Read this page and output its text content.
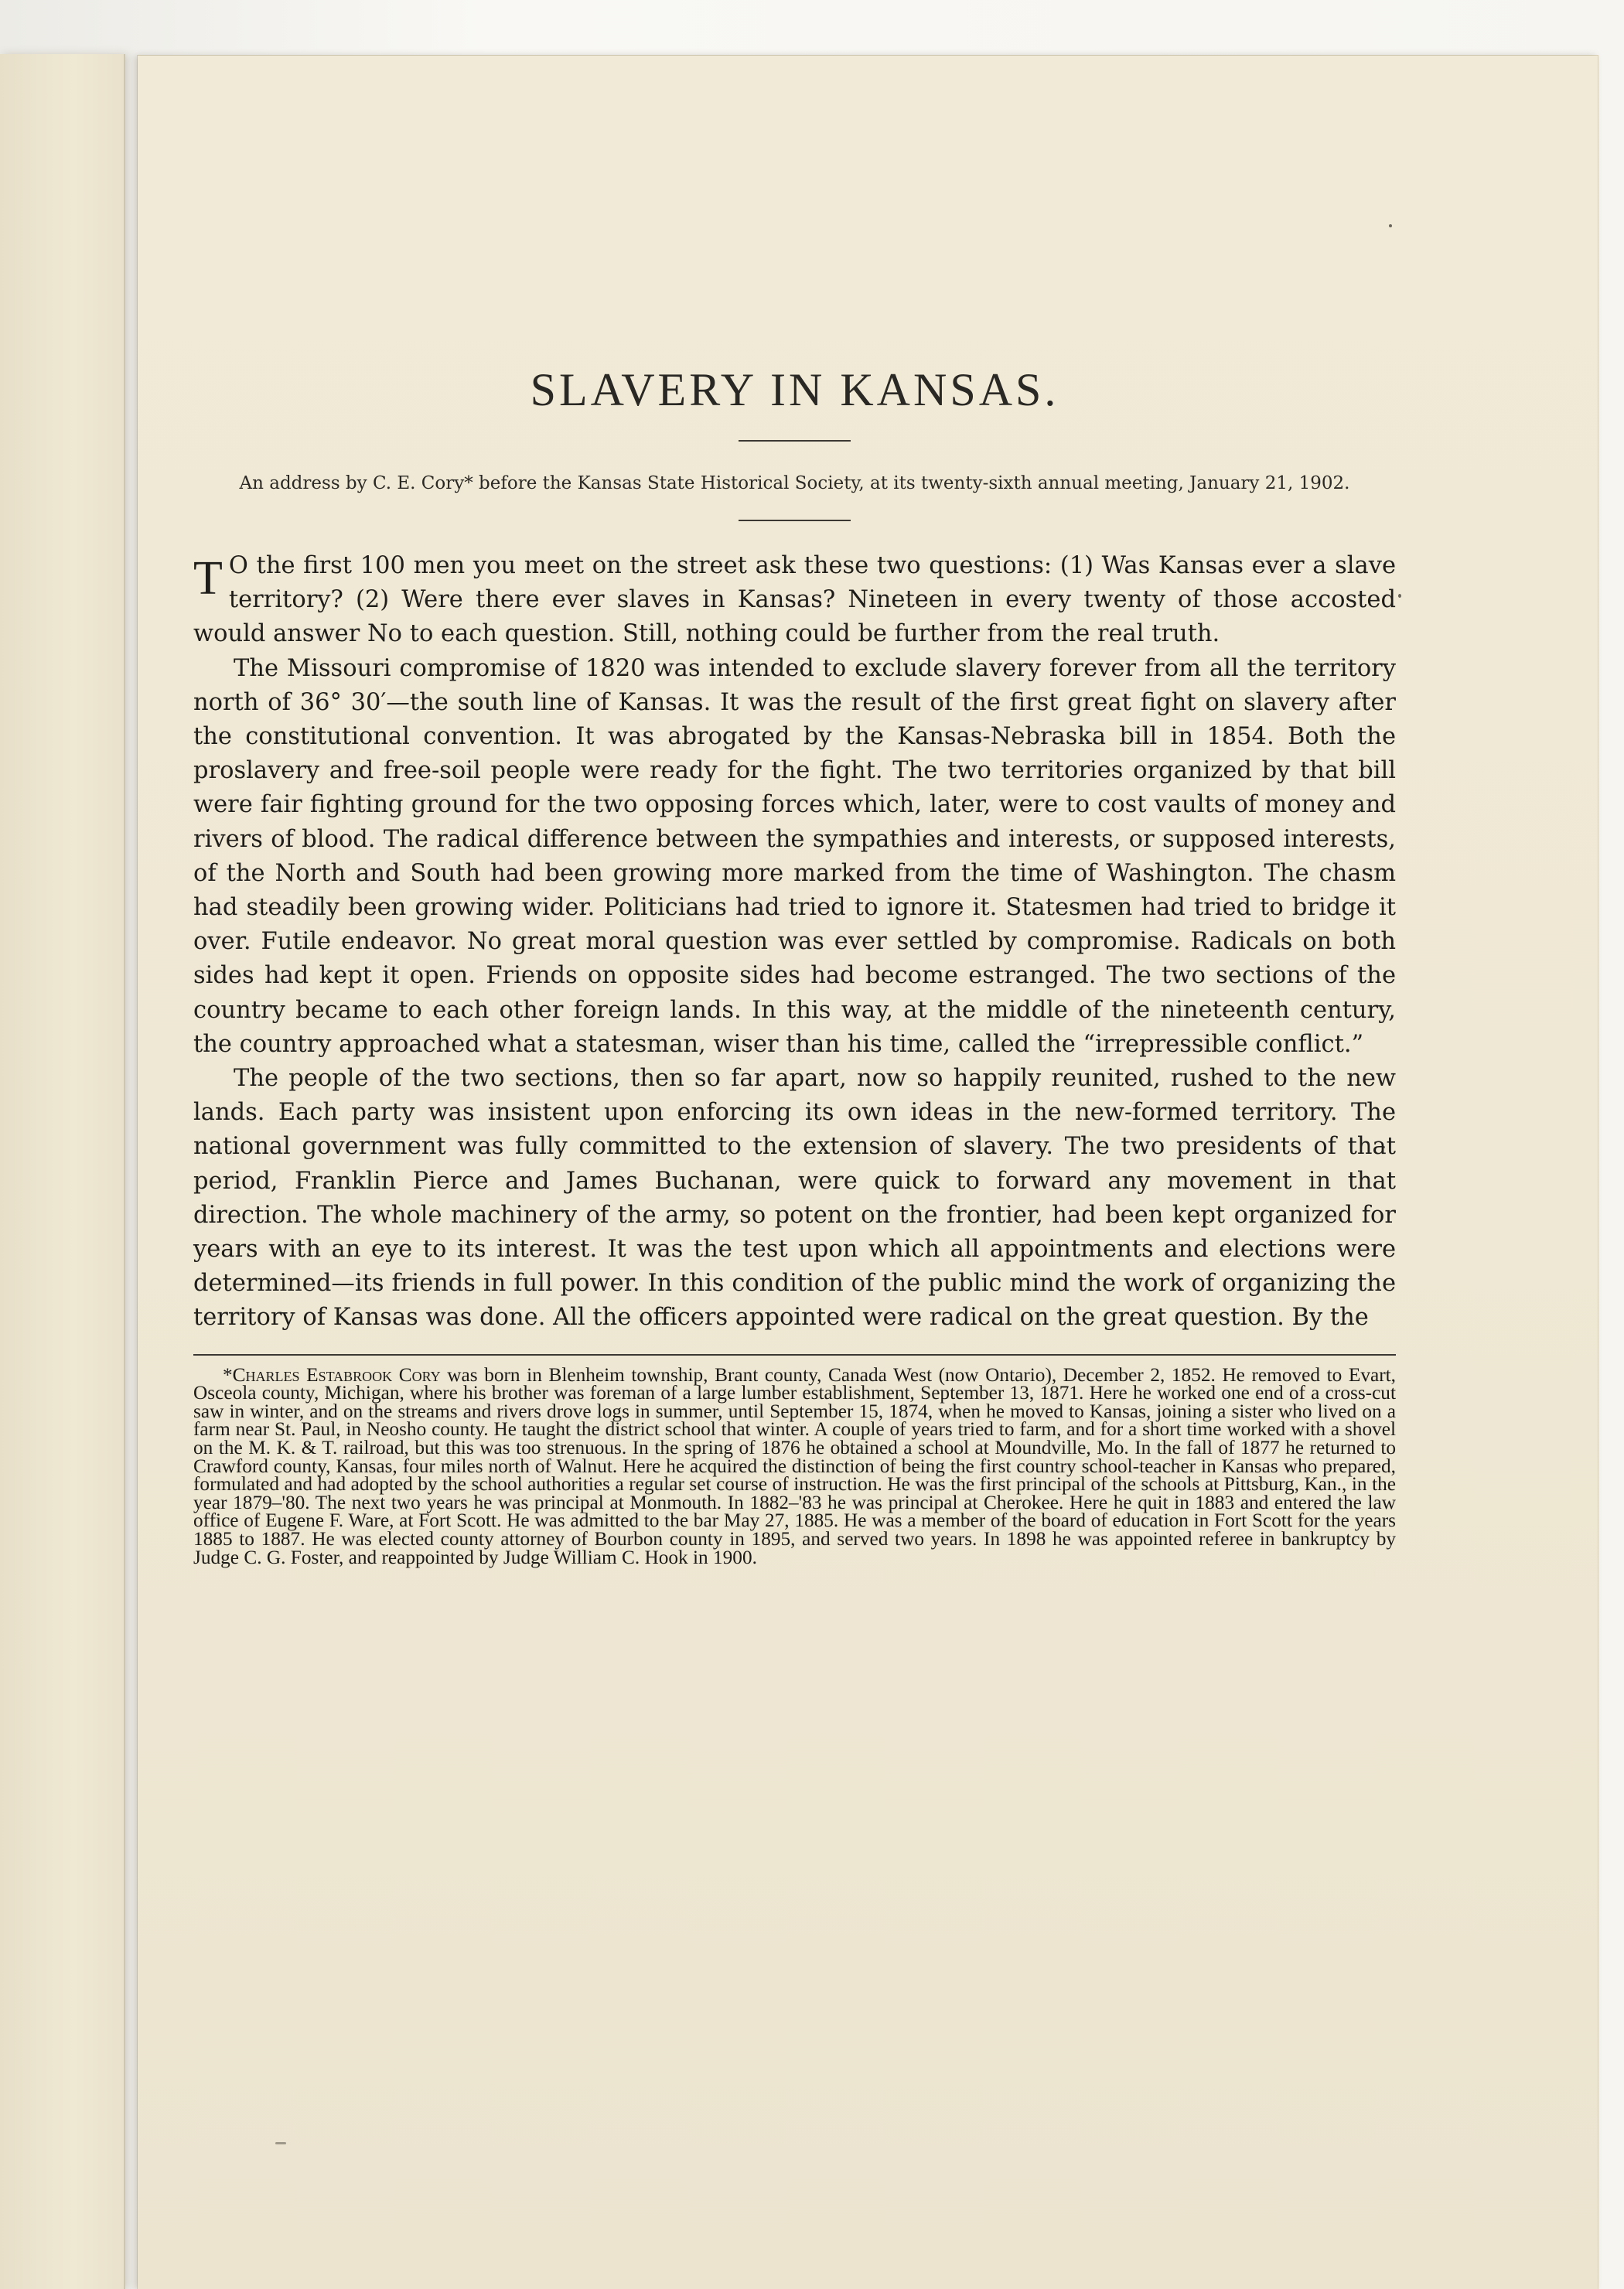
SLAVERY IN KANSAS.

An address by C. E. Cory* before the Kansas State Historical Society, at its twenty-sixth annual meeting, January 21, 1902.

T O the first 100 men you meet on the street ask these two questions: (1) Was Kansas ever a slave territory? (2) Were there ever slaves in Kansas? Nineteen in every twenty of those accosted would answer No to each question. Still, nothing could be further from the real truth.

The Missouri compromise of 1820 was intended to exclude slavery forever from all the territory north of 36° 30′—the south line of Kansas. It was the result of the first great fight on slavery after the constitutional convention. It was abrogated by the Kansas-Nebraska bill in 1854. Both the proslavery and free-soil people were ready for the fight. The two territories organized by that bill were fair fighting ground for the two opposing forces which, later, were to cost vaults of money and rivers of blood. The radical difference between the sympathies and interests, or supposed interests, of the North and South had been growing more marked from the time of Washington. The chasm had steadily been growing wider. Politicians had tried to ignore it. Statesmen had tried to bridge it over. Futile endeavor. No great moral question was ever settled by compromise. Radicals on both sides had kept it open. Friends on opposite sides had become estranged. The two sections of the country became to each other foreign lands. In this way, at the middle of the nineteenth century, the country approached what a statesman, wiser than his time, called the “irrepressible conflict.”

The people of the two sections, then so far apart, now so happily reunited, rushed to the new lands. Each party was insistent upon enforcing its own ideas in the new-formed territory. The national government was fully committed to the extension of slavery. The two presidents of that period, Franklin Pierce and James Buchanan, were quick to forward any movement in that direction. The whole machinery of the army, so potent on the frontier, had been kept organized for years with an eye to its interest. It was the test upon which all appointments and elections were determined—its friends in full power. In this condition of the public mind the work of organizing the territory of Kansas was done. All the officers appointed were radical on the great question. By the

*Charles Estabrook Cory was born in Blenheim township, Brant county, Canada West (now Ontario), December 2, 1852. He removed to Evart, Osceola county, Michigan, where his brother was foreman of a large lumber establishment, September 13, 1871. Here he worked one end of a cross-cut saw in winter, and on the streams and rivers drove logs in summer, until September 15, 1874, when he moved to Kansas, joining a sister who lived on a farm near St. Paul, in Neosho county. He taught the district school that winter. A couple of years tried to farm, and for a short time worked with a shovel on the M. K. & T. railroad, but this was too strenuous. In the spring of 1876 he obtained a school at Moundville, Mo. In the fall of 1877 he returned to Crawford county, Kansas, four miles north of Walnut. Here he acquired the distinction of being the first country school-teacher in Kansas who prepared, formulated and had adopted by the school authorities a regular set course of instruction. He was the first principal of the schools at Pittsburg, Kan., in the year 1879–'80. The next two years he was principal at Monmouth. In 1882–'83 he was principal at Cherokee. Here he quit in 1883 and entered the law office of Eugene F. Ware, at Fort Scott. He was admitted to the bar May 27, 1885. He was a member of the board of education in Fort Scott for the years 1885 to 1887. He was elected county attorney of Bourbon county in 1895, and served two years. In 1898 he was appointed referee in bankruptcy by Judge C. G. Foster, and reappointed by Judge William C. Hook in 1900.
